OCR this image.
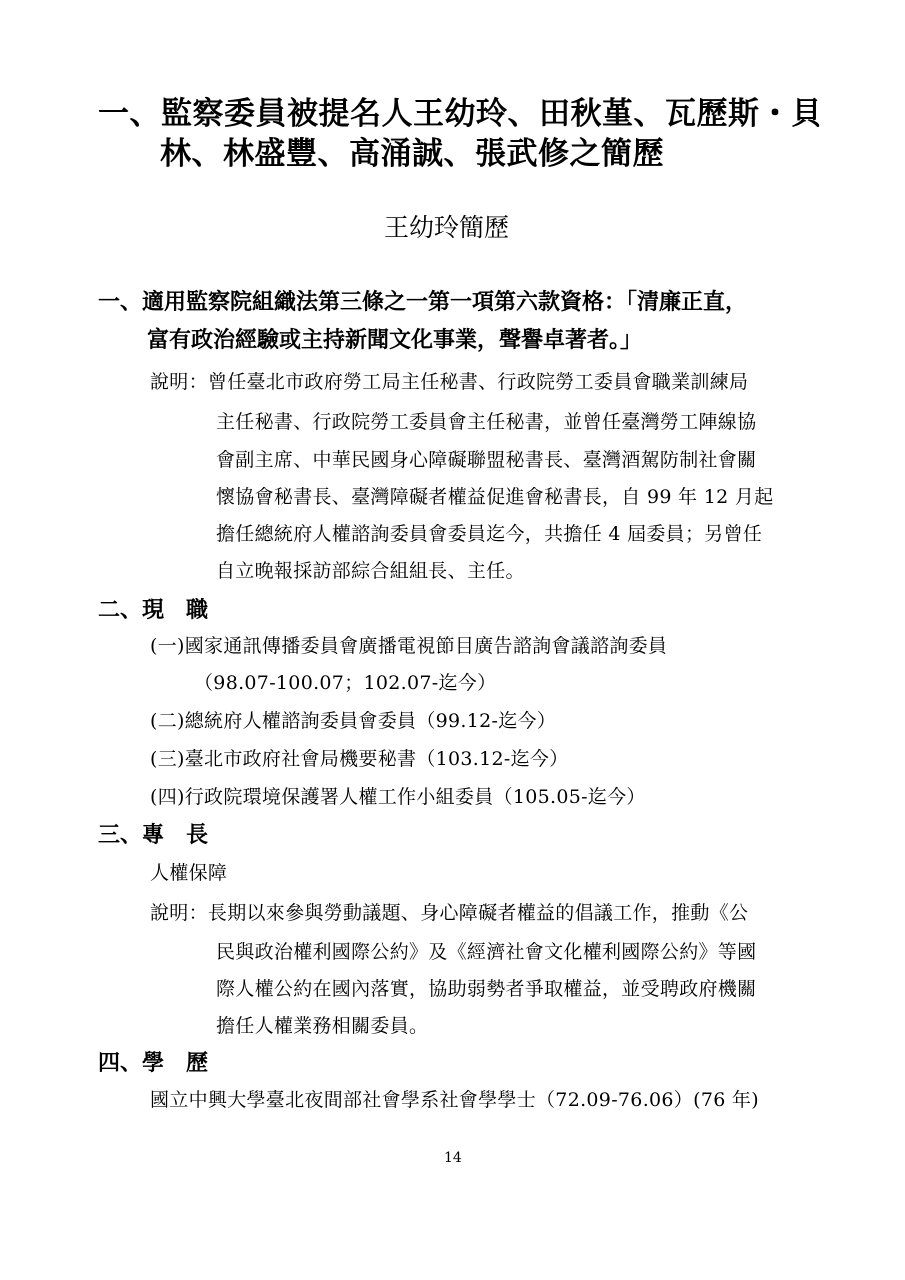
一、監察委員被提名人王幼玲、田秋堇、瓦歷斯・貝
林、林盛豐、高涌誠、張武修之簡歷
王幼玲簡歷
一、適用監察院組織法第三條之一第一項第六款資格：「清廉正直，
富有政治經驗或主持新聞文化事業，聲譽卓著者。」
說明：曾任臺北市政府勞工局主任秘書、行政院勞工委員會職業訓練局
主任秘書、行政院勞工委員會主任秘書，並曾任臺灣勞工陣線協
會副主席、中華民國身心障礙聯盟秘書長、臺灣酒駕防制社會關
懷協會秘書長、臺灣障礙者權益促進會秘書長，自 99 年 12 月起
擔任總統府人權諮詢委員會委員迄今，共擔任 4 屆委員；另曾任
自立晚報採訪部綜合組組長、主任。
二、現　職
(一)國家通訊傳播委員會廣播電視節目廣告諮詢會議諮詢委員
（98.07-100.07；102.07-迄今）
(二)總統府人權諮詢委員會委員（99.12-迄今）
(三)臺北市政府社會局機要秘書（103.12-迄今）
(四)行政院環境保護署人權工作小組委員（105.05-迄今）
三、專　長
人權保障
說明：長期以來參與勞動議題、身心障礙者權益的倡議工作，推動《公
民與政治權利國際公約》及《經濟社會文化權利國際公約》等國
際人權公約在國內落實，協助弱勢者爭取權益，並受聘政府機關
擔任人權業務相關委員。
四、學　歷
國立中興大學臺北夜間部社會學系社會學學士（72.09-76.06）(76 年)
14
